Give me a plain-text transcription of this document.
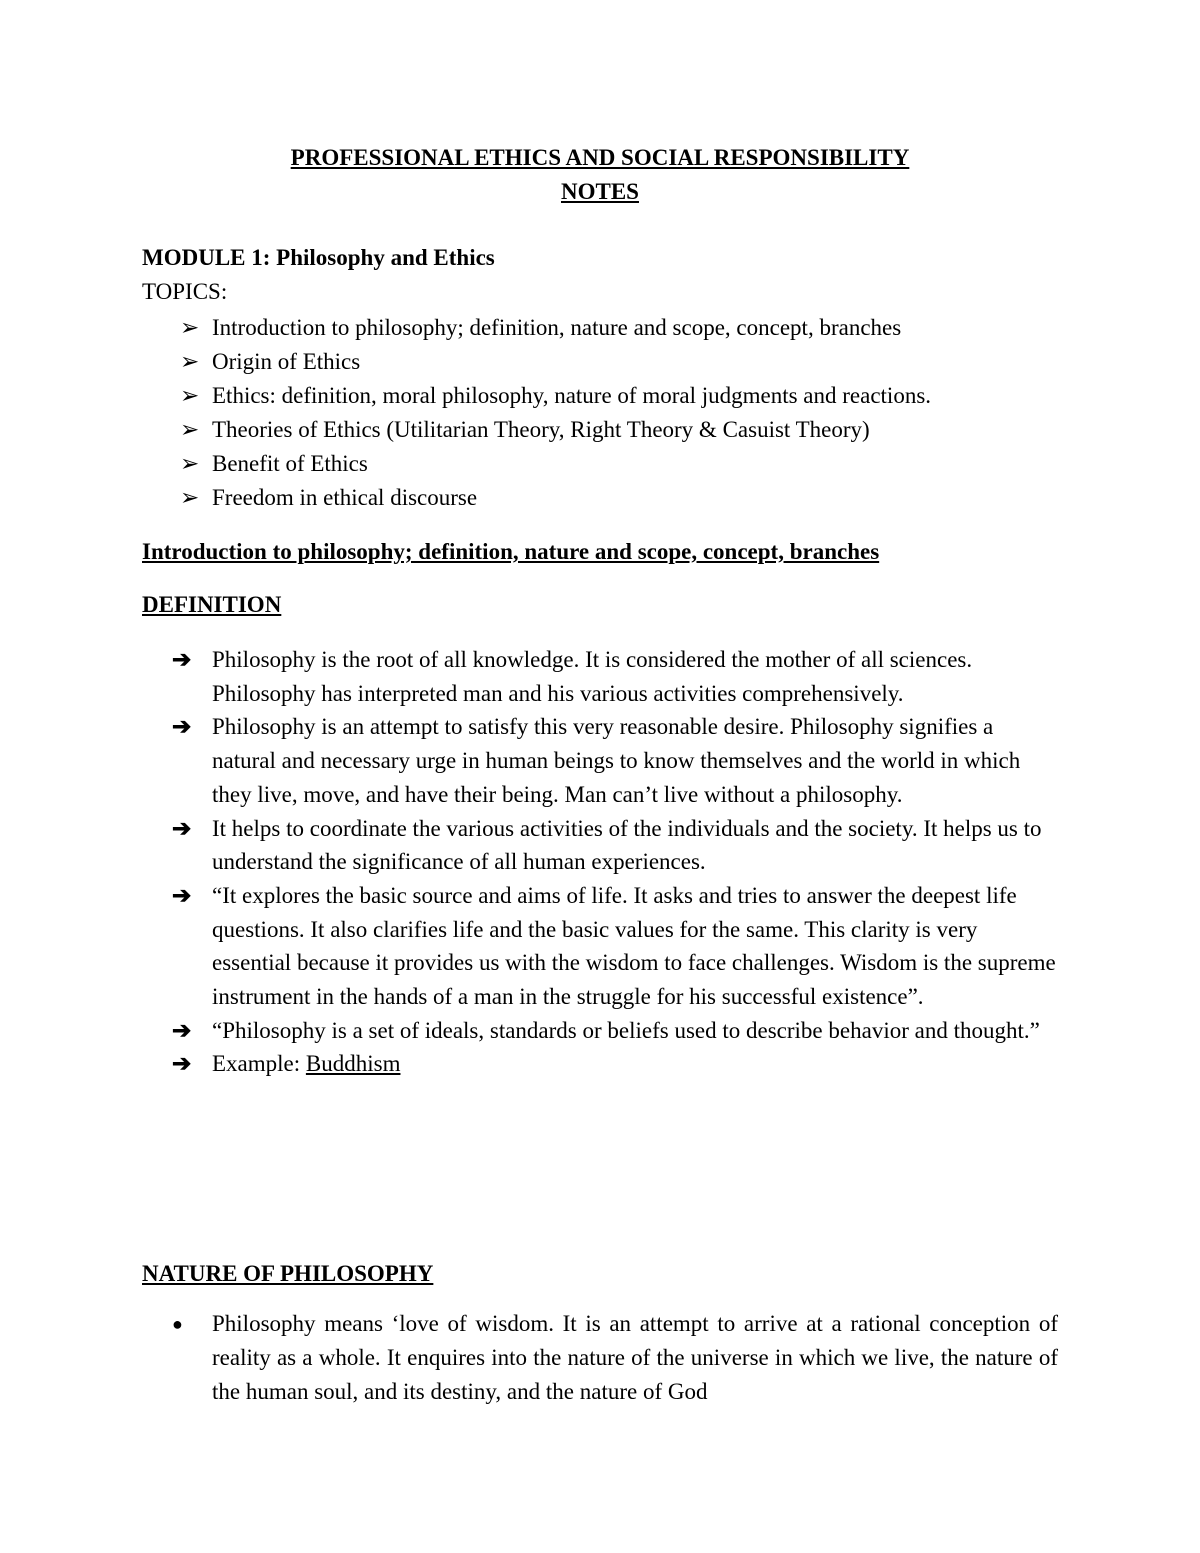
PROFESSIONAL ETHICS AND SOCIAL RESPONSIBILITY
NOTES
MODULE 1: Philosophy and Ethics
TOPICS:
➢ Introduction to philosophy; definition, nature and scope, concept, branches
➢ Origin of Ethics
➢ Ethics: definition, moral philosophy, nature of moral judgments and reactions.
➢ Theories of Ethics (Utilitarian Theory, Right Theory & Casuist Theory)
➢ Benefit of Ethics
➢ Freedom in ethical discourse
Introduction to philosophy; definition, nature and scope, concept, branches
DEFINITION
➔ Philosophy is the root of all knowledge. It is considered the mother of all sciences. Philosophy has interpreted man and his various activities comprehensively.
➔ Philosophy is an attempt to satisfy this very reasonable desire. Philosophy signifies a natural and necessary urge in human beings to know themselves and the world in which they live, move, and have their being. Man can’t live without a philosophy.
➔ It helps to coordinate the various activities of the individuals and the society. It helps us to understand the significance of all human experiences.
➔ “It explores the basic source and aims of life. It asks and tries to answer the deepest life questions. It also clarifies life and the basic values for the same. This clarity is very essential because it provides us with the wisdom to face challenges. Wisdom is the supreme instrument in the hands of a man in the struggle for his successful existence”.
➔ “Philosophy is a set of ideals, standards or beliefs used to describe behavior and thought.”
➔ Example: Buddhism
NATURE OF PHILOSOPHY
● Philosophy means ‘love of wisdom. It is an attempt to arrive at a rational conception of reality as a whole. It enquires into the nature of the universe in which we live, the nature of the human soul, and its destiny, and the nature of God
